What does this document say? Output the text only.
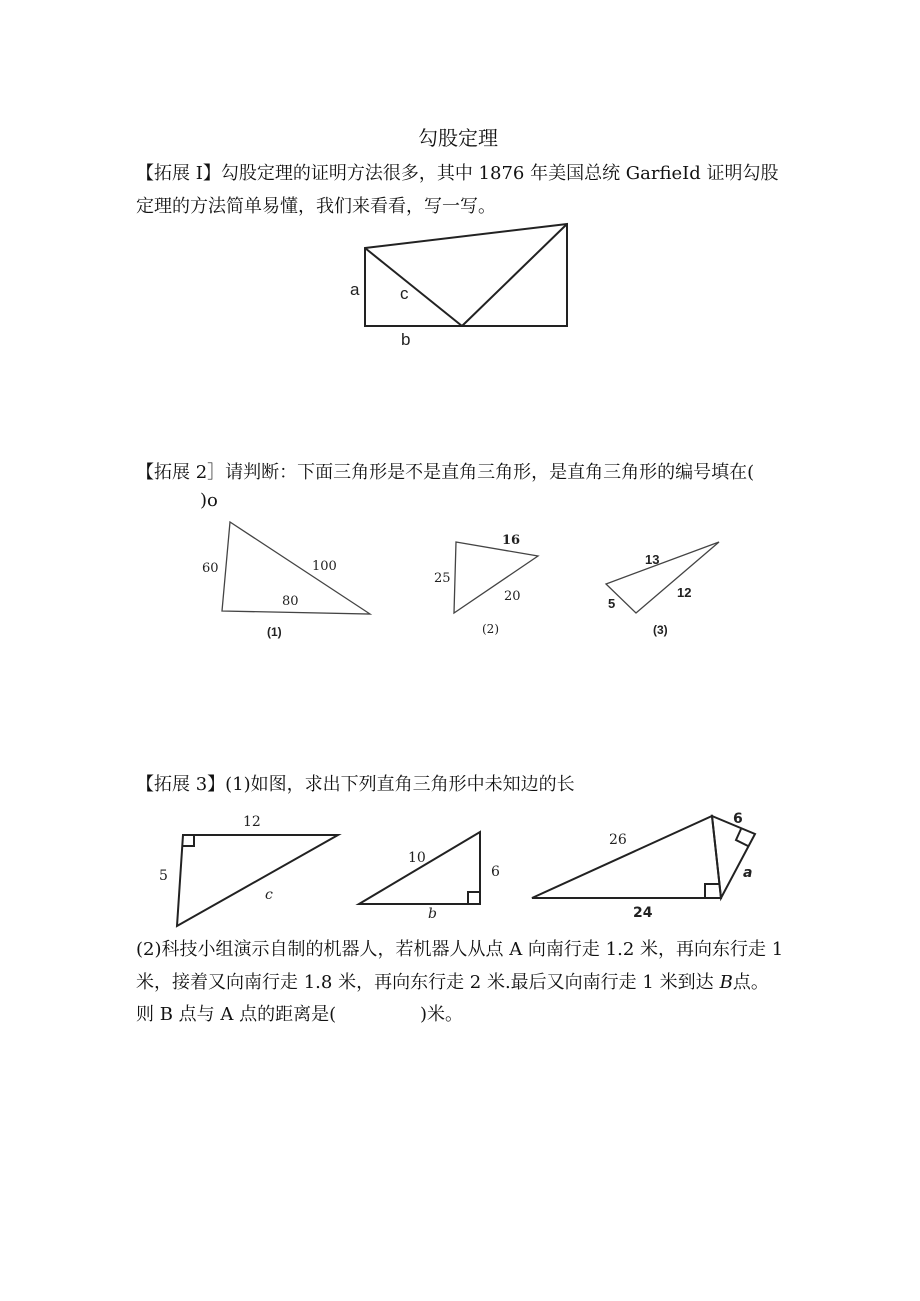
勾股定理
【拓展 I】勾股定理的证明方法很多，其中 1876 年美国总统 GarfieId 证明勾股
定理的方法简单易懂，我们来看看，写一写。
a c
b
【拓展 2］请判断：下面三角形是不是直角三角形，是直角三角形的编号填在(
)o
60	100
80
(1)
16
25
20
(2)
13
5
12
(3)
【拓展 3】(1)如图，求出下列直角三角形中未知边的长
12
5
c
10
6
b
26
6
a
24
(2)科技小组演示自制的机器人，若机器人从点 A 向南行走 1.2 米，再向东行走 1
米，接着又向南行走 1.8 米，再向东行走 2 米.最后又向南行走 1 米到达 B点。
则 B 点与 A 点的距离是(	)米。
